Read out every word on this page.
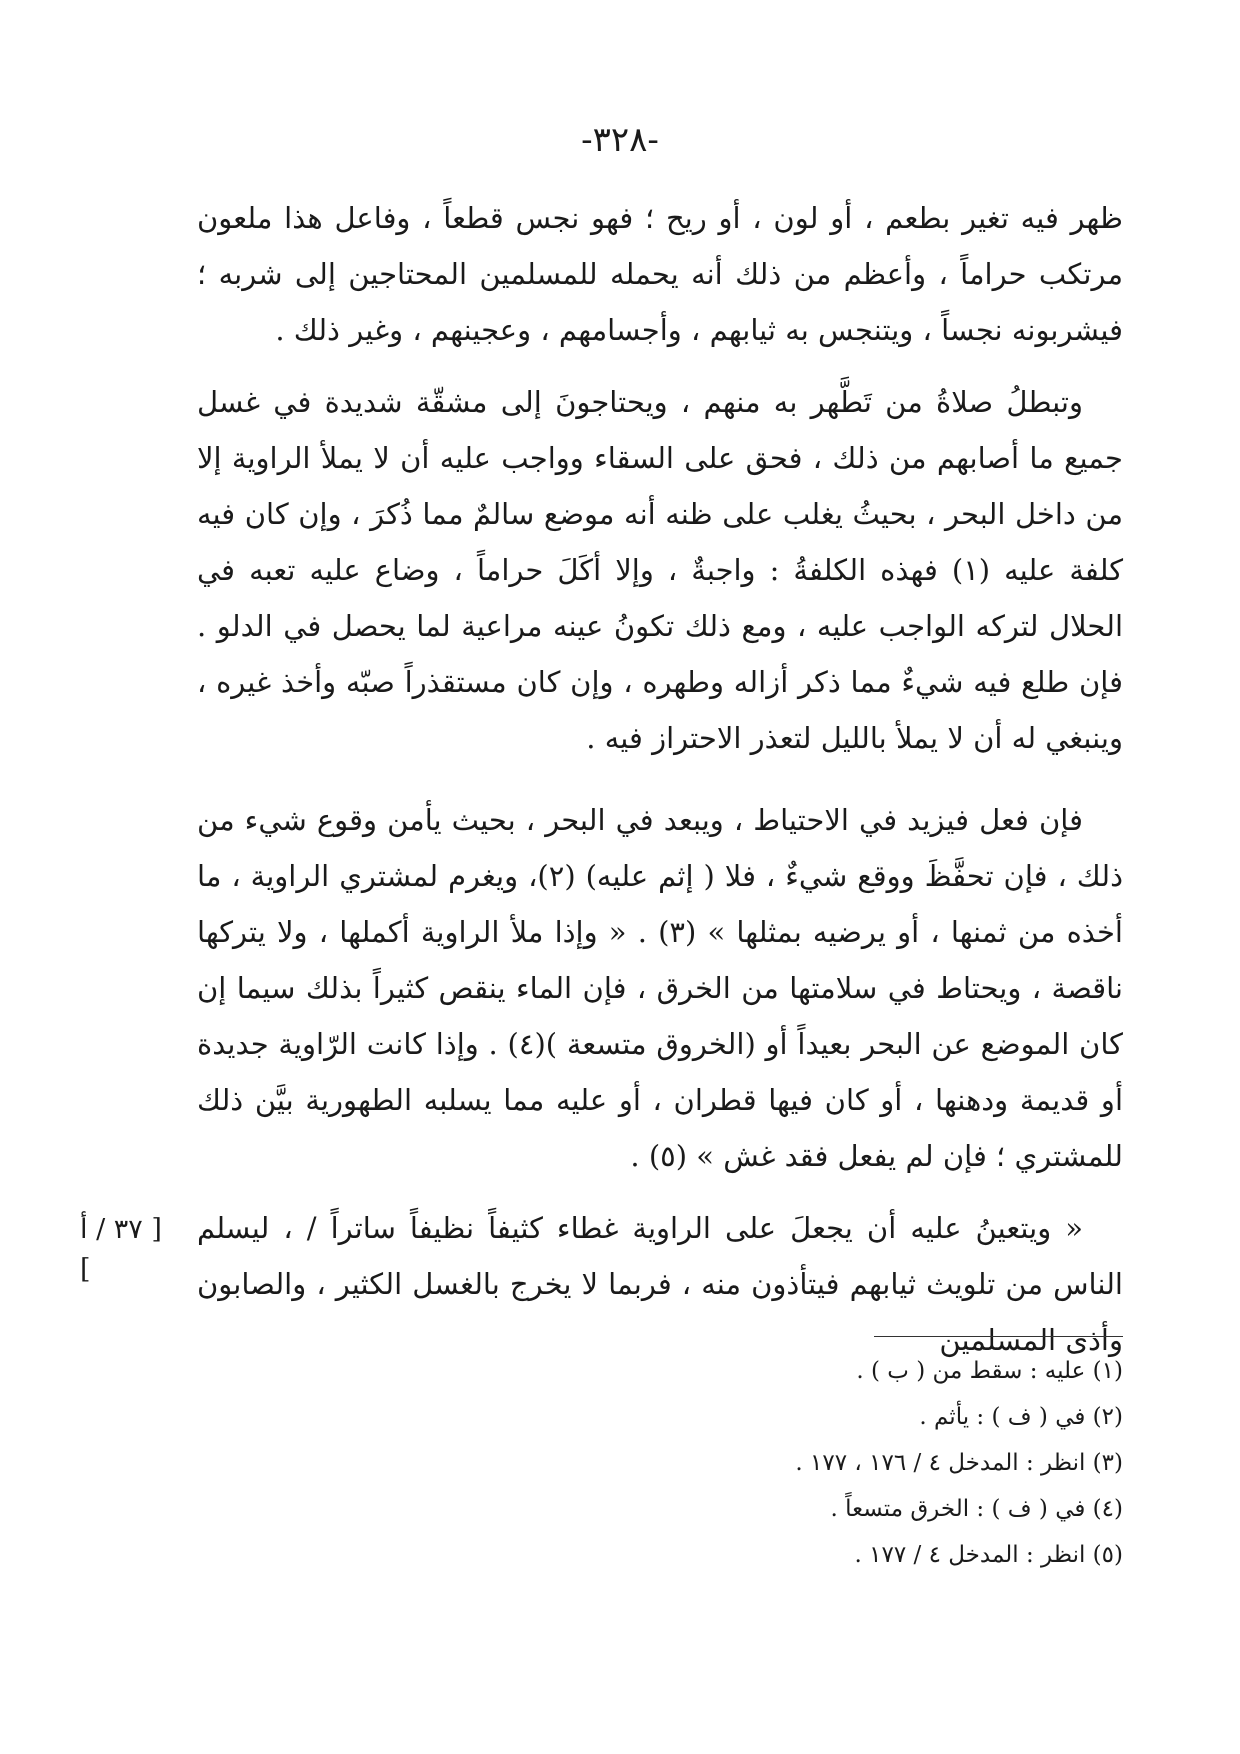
-٣٢٨-

ظهر فيه تغير بطعم ، أو لون ، أو ريح ؛ فهو نجس قطعاً ، وفاعل هذا ملعون مرتكب حراماً ، وأعظم من ذلك أنه يحمله للمسلمين المحتاجين إلى شربه ؛ فيشربونه نجساً ، ويتنجس به ثيابهم ، وأجسامهم ، وعجينهم ، وغير ذلك .

وتبطلُ صلاةُ من تَطَّهر به منهم ، ويحتاجونَ إلى مشقّة شديدة في غسل جميع ما أصابهم من ذلك ، فحق على السقاء وواجب عليه أن لا يملأ الراوية إلا من داخل البحر ، بحيثُ يغلب على ظنه أنه موضع سالمٌ مما ذُكرَ ، وإن كان فيه كلفة عليه (١) فهذه الكلفةُ : واجبةٌ ، وإلا أكَلَ حراماً ، وضاع عليه تعبه في الحلال لتركه الواجب عليه ، ومع ذلك تكونُ عينه مراعية لما يحصل في الدلو . فإن طلع فيه شيءٌ مما ذكر أزاله وطهره ، وإن كان مستقذراً صبّه وأخذ غيره ، وينبغي له أن لا يملأ بالليل لتعذر الاحتراز فيه .

فإن فعل فيزيد في الاحتياط ، ويبعد في البحر ، بحيث يأمن وقوع شيء من ذلك ، فإن تحفَّظَ ووقع شيءٌ ، فلا ( إثم عليه) (٢)، ويغرم لمشتري الراوية ، ما أخذه من ثمنها ، أو يرضيه بمثلها » (٣) . « وإذا ملأ الراوية أكملها ، ولا يتركها ناقصة ، ويحتاط في سلامتها من الخرق ، فإن الماء ينقص كثيراً بذلك سيما إن كان الموضع عن البحر بعيداً أو (الخروق متسعة )(٤) . وإذا كانت الرّاوية جديدة أو قديمة ودهنها ، أو كان فيها قطران ، أو عليه مما يسلبه الطهورية بيَّن ذلك للمشتري ؛ فإن لم يفعل فقد غش » (٥) .

« ويتعينُ عليه أن يجعلَ على الراوية غطاء كثيفاً نظيفاً ساتراً / ، ليسلم الناس من تلويث ثيابهم فيتأذون منه ، فربما لا يخرج بالغسل الكثير ، والصابون وأذى المسلمين

[ ٣٧ / أ ]
(١) عليه : سقط من ( ب ) .
(٢) في ( ف ) : يأثم .
(٣) انظر : المدخل ٤ / ١٧٦ ، ١٧٧ .
(٤) في ( ف ) : الخرق متسعاً .
(٥) انظر : المدخل ٤ / ١٧٧ .
